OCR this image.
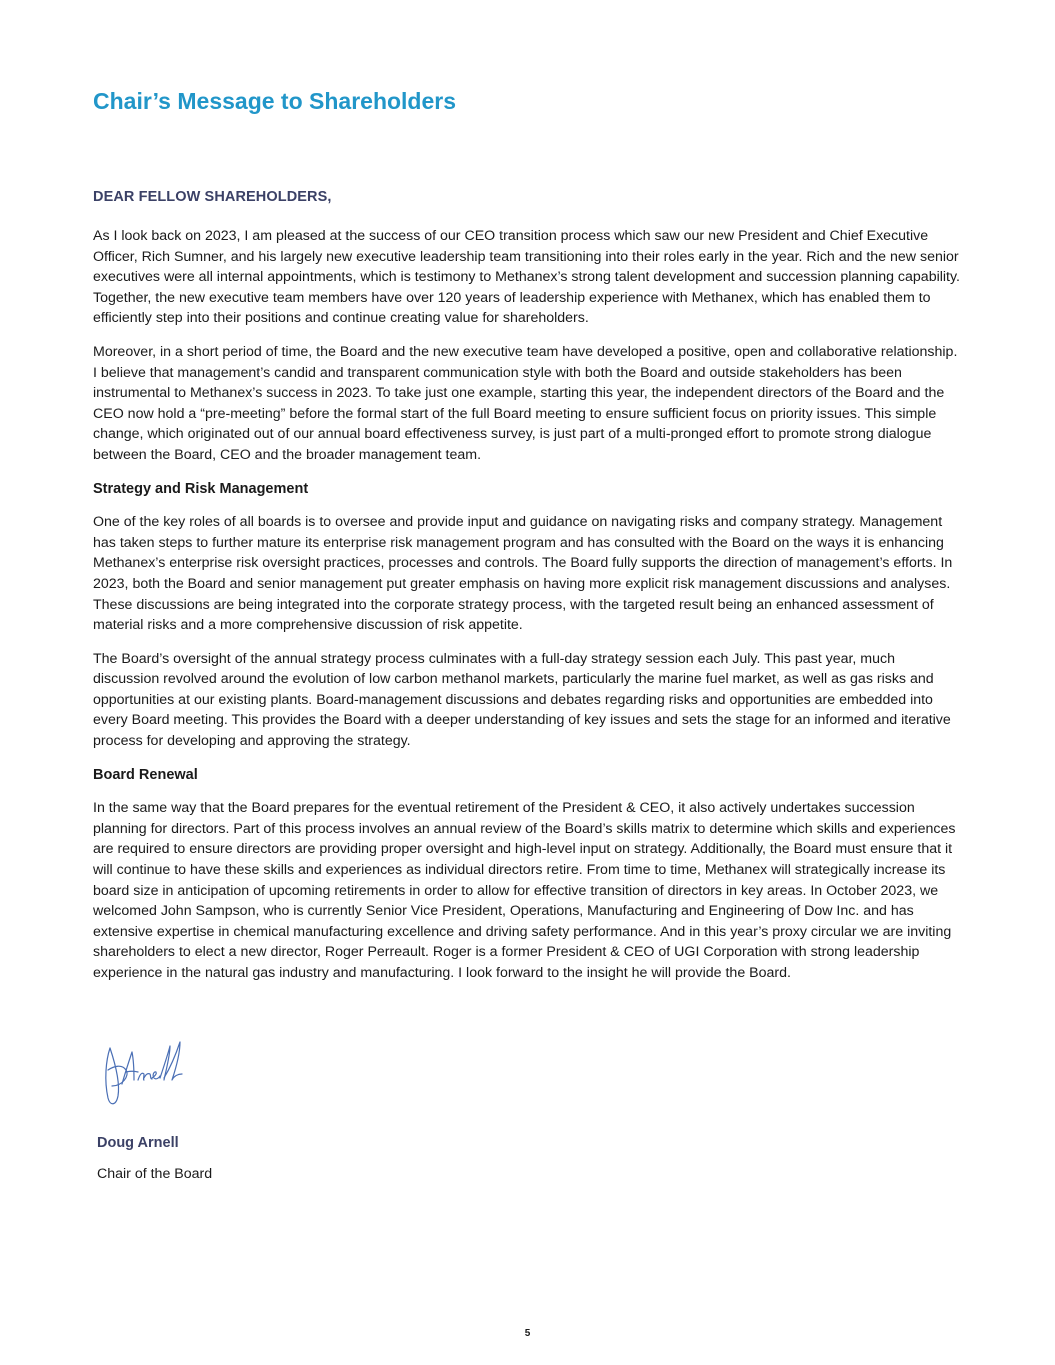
Chair’s Message to Shareholders
DEAR FELLOW SHAREHOLDERS,

As I look back on 2023, I am pleased at the success of our CEO transition process which saw our new President and Chief Executive Officer, Rich Sumner, and his largely new executive leadership team transitioning into their roles early in the year. Rich and the new senior executives were all internal appointments, which is testimony to Methanex’s strong talent development and succession planning capability. Together, the new executive team members have over 120 years of leadership experience with Methanex, which has enabled them to efficiently step into their positions and continue creating value for shareholders.

Moreover, in a short period of time, the Board and the new executive team have developed a positive, open and collaborative relationship. I believe that management’s candid and transparent communication style with both the Board and outside stakeholders has been instrumental to Methanex’s success in 2023. To take just one example, starting this year, the independent directors of the Board and the CEO now hold a “pre-meeting” before the formal start of the full Board meeting to ensure sufficient focus on priority issues. This simple change, which originated out of our annual board effectiveness survey, is just part of a multi-pronged effort to promote strong dialogue between the Board, CEO and the broader management team.

Strategy and Risk Management

One of the key roles of all boards is to oversee and provide input and guidance on navigating risks and company strategy. Management has taken steps to further mature its enterprise risk management program and has consulted with the Board on the ways it is enhancing Methanex’s enterprise risk oversight practices, processes and controls. The Board fully supports the direction of management’s efforts. In 2023, both the Board and senior management put greater emphasis on having more explicit risk management discussions and analyses. These discussions are being integrated into the corporate strategy process, with the targeted result being an enhanced assessment of material risks and a more comprehensive discussion of risk appetite.

The Board’s oversight of the annual strategy process culminates with a full-day strategy session each July. This past year, much discussion revolved around the evolution of low carbon methanol markets, particularly the marine fuel market, as well as gas risks and opportunities at our existing plants. Board-management discussions and debates regarding risks and opportunities are embedded into every Board meeting. This provides the Board with a deeper understanding of key issues and sets the stage for an informed and iterative process for developing and approving the strategy.

Board Renewal

In the same way that the Board prepares for the eventual retirement of the President & CEO, it also actively undertakes succession planning for directors. Part of this process involves an annual review of the Board’s skills matrix to determine which skills and experiences are required to ensure directors are providing proper oversight and high-level input on strategy. Additionally, the Board must ensure that it will continue to have these skills and experiences as individual directors retire. From time to time, Methanex will strategically increase its board size in anticipation of upcoming retirements in order to allow for effective transition of directors in key areas. In October 2023, we welcomed John Sampson, who is currently Senior Vice President, Operations, Manufacturing and Engineering of Dow Inc. and has extensive expertise in chemical manufacturing excellence and driving safety performance. And in this year’s proxy circular we are inviting shareholders to elect a new director, Roger Perreault. Roger is a former President & CEO of UGI Corporation with strong leadership experience in the natural gas industry and manufacturing. I look forward to the insight he will provide the Board.

Doug Arnell
Chair of the Board
5
